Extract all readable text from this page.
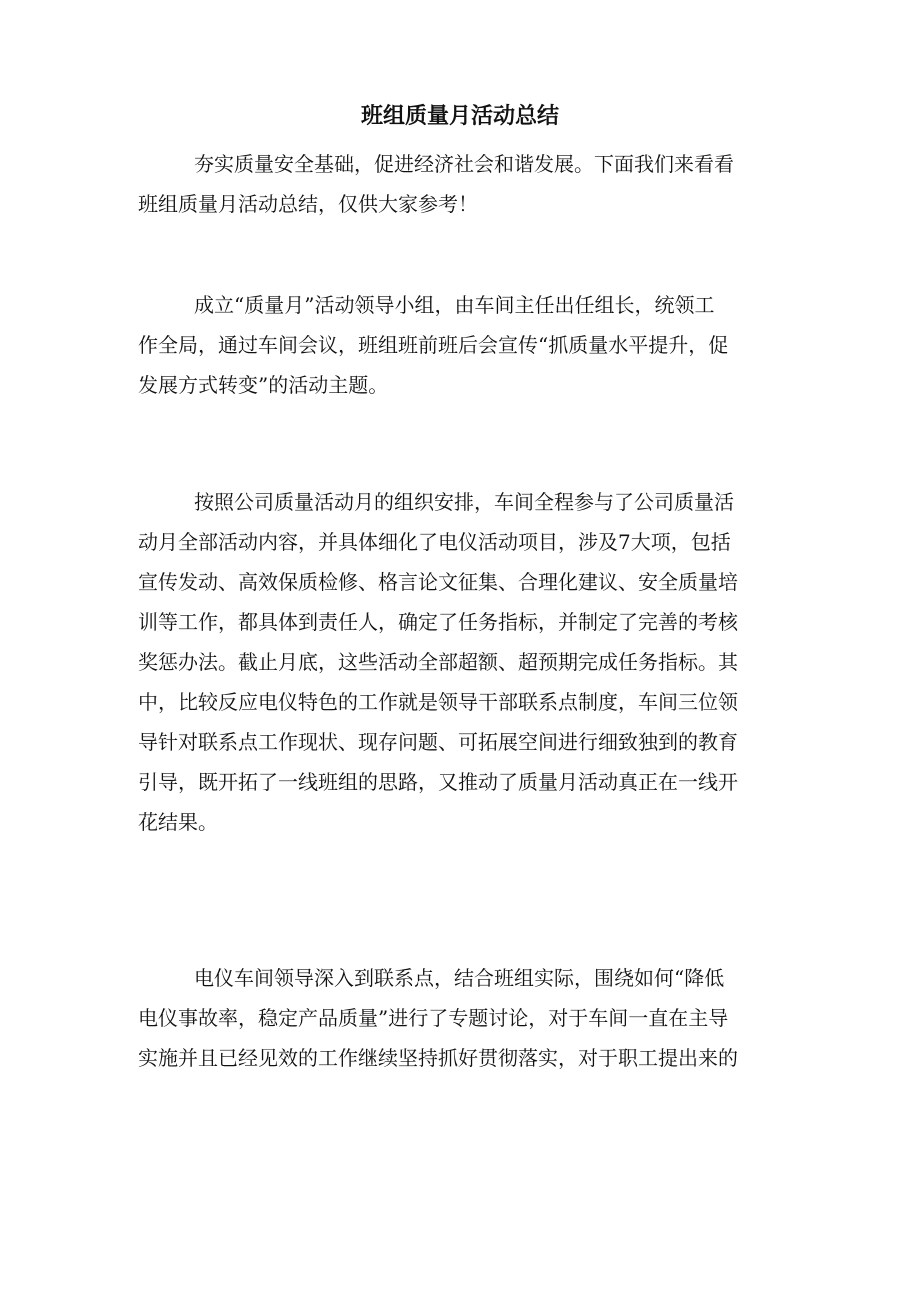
班组质量月活动总结

夯实质量安全基础，促进经济社会和谐发展。下面我们来看看
班组质量月活动总结，仅供大家参考！

成立“质量月”活动领导小组，由车间主任出任组长，统领工
作全局，通过车间会议，班组班前班后会宣传“抓质量水平提升，促
发展方式转变”的活动主题。

按照公司质量活动月的组织安排，车间全程参与了公司质量活
动月全部活动内容，并具体细化了电仪活动项目，涉及7大项，包括
宣传发动、高效保质检修、格言论文征集、合理化建议、安全质量培
训等工作，都具体到责任人，确定了任务指标，并制定了完善的考核
奖惩办法。截止月底，这些活动全部超额、超预期完成任务指标。其
中，比较反应电仪特色的工作就是领导干部联系点制度，车间三位领
导针对联系点工作现状、现存问题、可拓展空间进行细致独到的教育
引导，既开拓了一线班组的思路，又推动了质量月活动真正在一线开
花结果。

电仪车间领导深入到联系点，结合班组实际，围绕如何“降低
电仪事故率，稳定产品质量”进行了专题讨论，对于车间一直在主导
实施并且已经见效的工作继续坚持抓好贯彻落实，对于职工提出来的
